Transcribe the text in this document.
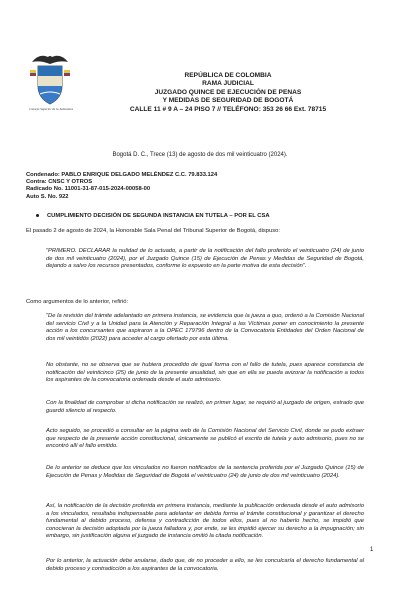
Consejo Superior de la Judicatura
REPÚBLICA DE COLOMBIA
RAMA JUDICIAL
JUZGADO QUINCE DE EJECUCIÓN DE PENAS
Y MEDIDAS DE SEGURIDAD DE BOGOTÁ
CALLE 11 # 9 A – 24 PISO 7 // TELÉFONO: 353 26 66 Ext. 78715
Bogotá D. C., Trece (13) de agosto de dos mil veinticuatro (2024).
Condenado: PABLO ENRIQUE DELGADO MELÉNDEZ C.C. 79.833.124
Contra: CNSC Y OTROS
Radicado No. 11001-31-87-015-2024-00058-00
Auto S. No. 922
CUMPLIMIENTO DECISIÓN DE SEGUNDA INSTANCIA EN TUTELA – POR EL CSA
El pasado 2 de agosto de 2024, la Honorable Sala Penal del Tribunal Superior de Bogotá, dispuso:
"PRIMERO. DECLARAR la nulidad de lo actuado, a partir de la notificación del fallo proferido el veinticuatro (24) de junio de dos mil veinticuatro (2024), por el Juzgado Quince (15) de Ejecución de Penas y Medidas de Seguridad de Bogotá, dejando a salvo los recursos presentados, conforme lo expuesto en la parte motiva de esta decisión".
Como argumentos de lo anterior, refirió:
"De la revisión del trámite adelantado en primera instancia, se evidencia que la jueza a quo, ordenó a la Comisión Nacional del servicio Civil y a la Unidad para la Atención y Reparación Integral a las Víctimas poner en conocimiento la presente acción a los concursantes que aspiraron a la OPEC 179796 dentro de la Convocatoria Entidades del Orden Nacional de dos mil veintidós (2022) para acceder al cargo ofertado por esta última.
No obstante, no se observa que se hubiera procedido de igual forma con el fallo de tutela, pues aparece constancia de notificación del veinticinco (25) de junio de la presente anualidad, sin que en ella se pueda avizorar la notificación a todos los aspirantes de la convocatoria ordenada desde el auto admisorio.
Con la finalidad de comprobar si dicha notificación se realizó, en primer lugar, se requirió al juzgado de origen, estrado que guardó silencio al respecto.
Acto seguido, se procedió a consultar en la página web de la Comisión Nacional del Servicio Civil, donde se pudo extraer que respecto de la presente acción constitucional, únicamente se publicó el escrito de tutela y auto admisorio, pues no se encontró allí el fallo emitido.
De lo anterior se deduce que los vinculados no fueron notificados de la sentencia proferida por el Juzgado Quince (15) de Ejecución de Penas y Medidas de Seguridad de Bogotá el veinticuatro (24) de junio de dos mil veinticuatro (2024).
Así, la notificación de la decisión proferida en primera instancia, mediante la publicación ordenada desde el auto admisorio a los vinculados, resultaba indispensable para adelantar en debida forma el trámite constitucional y garantizar el derecho fundamental al debido proceso, defensa y contradicción de todos ellos, pues al no haberlo hecho, se impidió que conocieran la decisión adoptada por la jueza falladora y, por ende, se les impidió ejercer su derecho a la impugnación; sin embargo, sin justificación alguna el juzgado de instancia omitió la citada notificación.
Por lo anterior, la actuación debe anularse, dado que, de no proceder a ello, se les conculcaría el derecho fundamental al debido proceso y contradicción a los aspirantes de la convocatoria.
1
